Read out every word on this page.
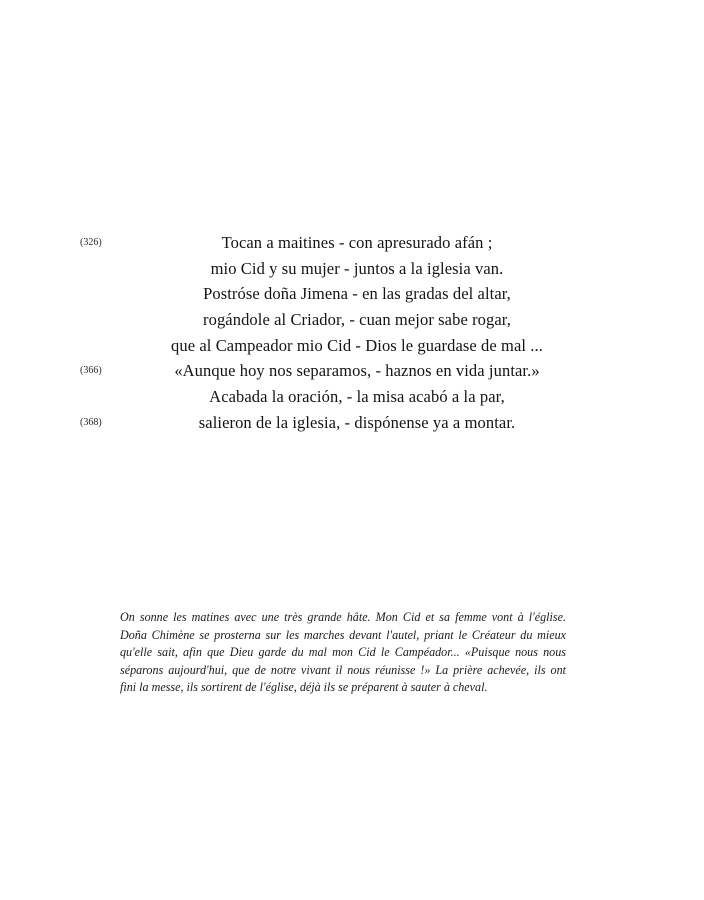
(326)	Tocan a maitines - con apresurado afán ;
mio Cid y su mujer - juntos a la iglesia van.
Postróse doña Jimena - en las gradas del altar,
rogándole al Criador, - cuan mejor sabe rogar,
que al Campeador mio Cid - Dios le guardase de mal ...
(366)	«Aunque hoy nos separamos, - haznos en vida juntar.»
Acabada la oración, - la misa acabó a la par,
(368)	salieron de la iglesia, - dispónense ya a montar.
On sonne les matines avec une très grande hâte. Mon Cid et sa femme vont à l'église.
Doña Chimène se prosterna sur les marches devant l'autel, priant le Créateur du mieux
qu'elle sait, afin que Dieu garde du mal mon Cid le Campéador... «Puisque nous nous
séparons aujourd'hui, que de notre vivant il nous réunisse !» La prière achevée, ils ont
fini la messe, ils sortirent de l'église, déjà ils se préparent à sauter à cheval.
